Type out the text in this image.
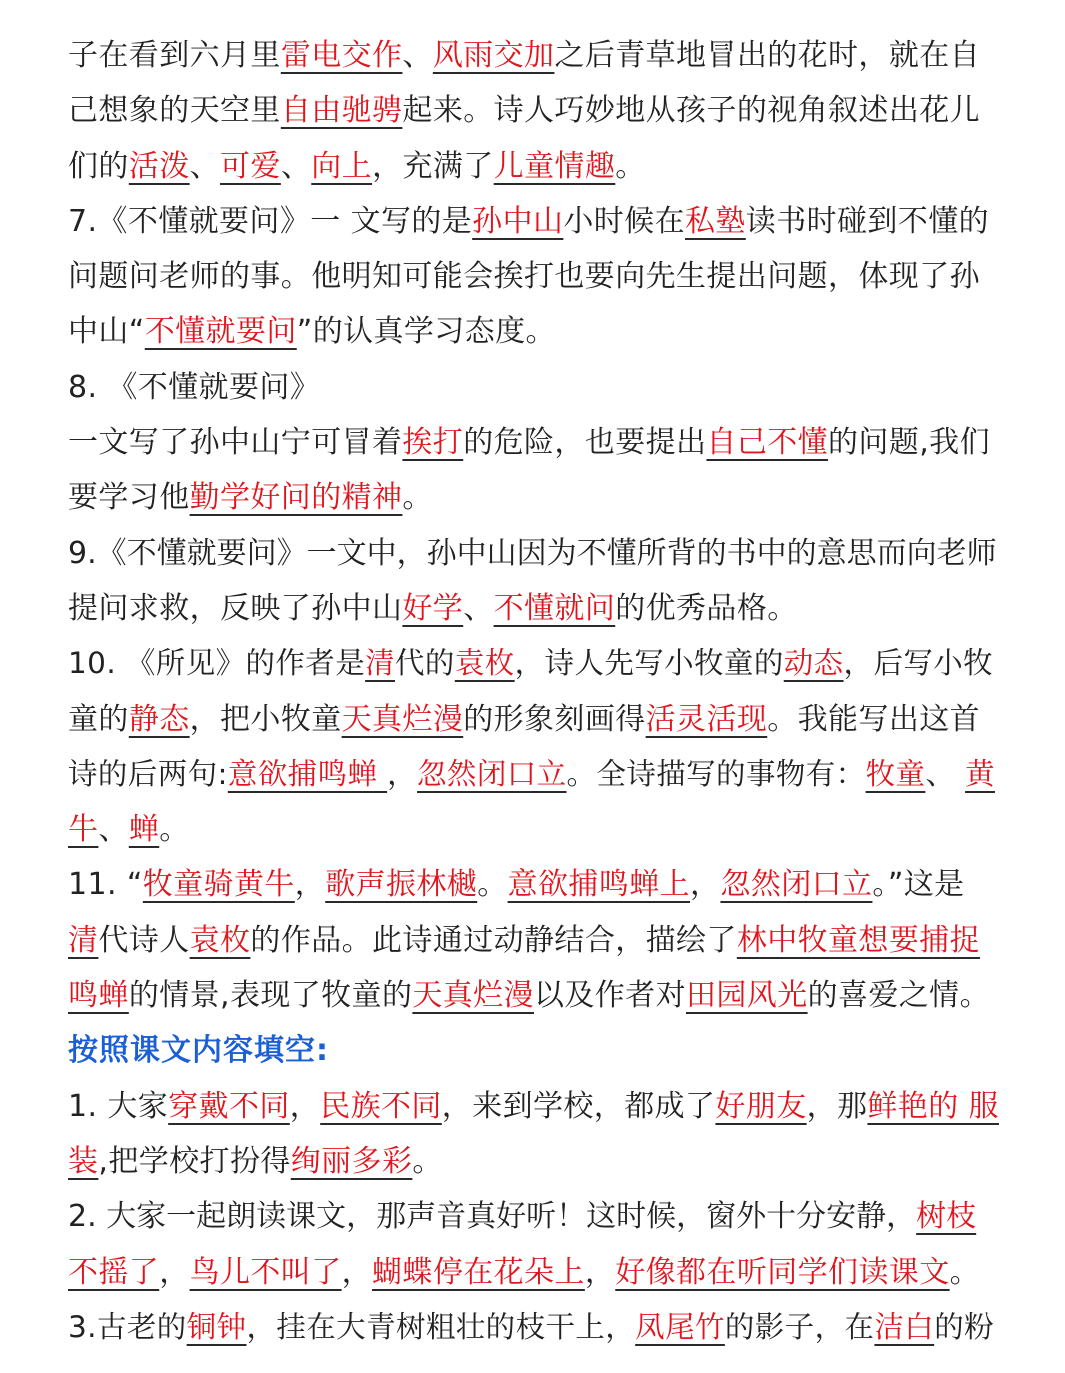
子在看到六月里雷电交作、风雨交加之后青草地冒出的花时，就在自
己想象的天空里自由驰骋起来。诗人巧妙地从孩子的视角叙述出花儿
们的活泼、可爱、向上，充满了儿童情趣。
7.《不懂就要问》一 文写的是孙中山小时候在私塾读书时碰到不懂的
问题问老师的事。他明知可能会挨打也要向先生提出问题，体现了孙
中山“不懂就要问”的认真学习态度。
8. 《不懂就要问》
一文写了孙中山宁可冒着挨打的危险，也要提出自己不懂的问题,我们
要学习他勤学好问的精神。
9.《不懂就要问》一文中，孙中山因为不懂所背的书中的意思而向老师
提问求救，反映了孙中山好学、不懂就问的优秀品格。
10. 《所见》的作者是清代的袁枚，诗人先写小牧童的动态，后写小牧
童的静态，把小牧童天真烂漫的形象刻画得活灵活现。我能写出这首
诗的后两句:意欲捕鸣蝉 ，忽然闭口立。全诗描写的事物有：牧童、 黄
牛、蝉。
11. “牧童骑黄牛，歌声振林樾。意欲捕鸣蝉上，忽然闭口立。”这是
清代诗人袁枚的作品。此诗通过动静结合，描绘了林中牧童想要捕捉
鸣蝉的情景,表现了牧童的天真烂漫以及作者对田园风光的喜爱之情。
按照课文内容填空:
1. 大家穿戴不同，民族不同，来到学校，都成了好朋友，那鲜艳的 服
装,把学校打扮得绚丽多彩。
2. 大家一起朗读课文，那声音真好听！这时候，窗外十分安静，树枝
不摇了，鸟儿不叫了，蝴蝶停在花朵上，好像都在听同学们读课文。
3.古老的铜钟，挂在大青树粗壮的枝干上，凤尾竹的影子，在洁白的粉
